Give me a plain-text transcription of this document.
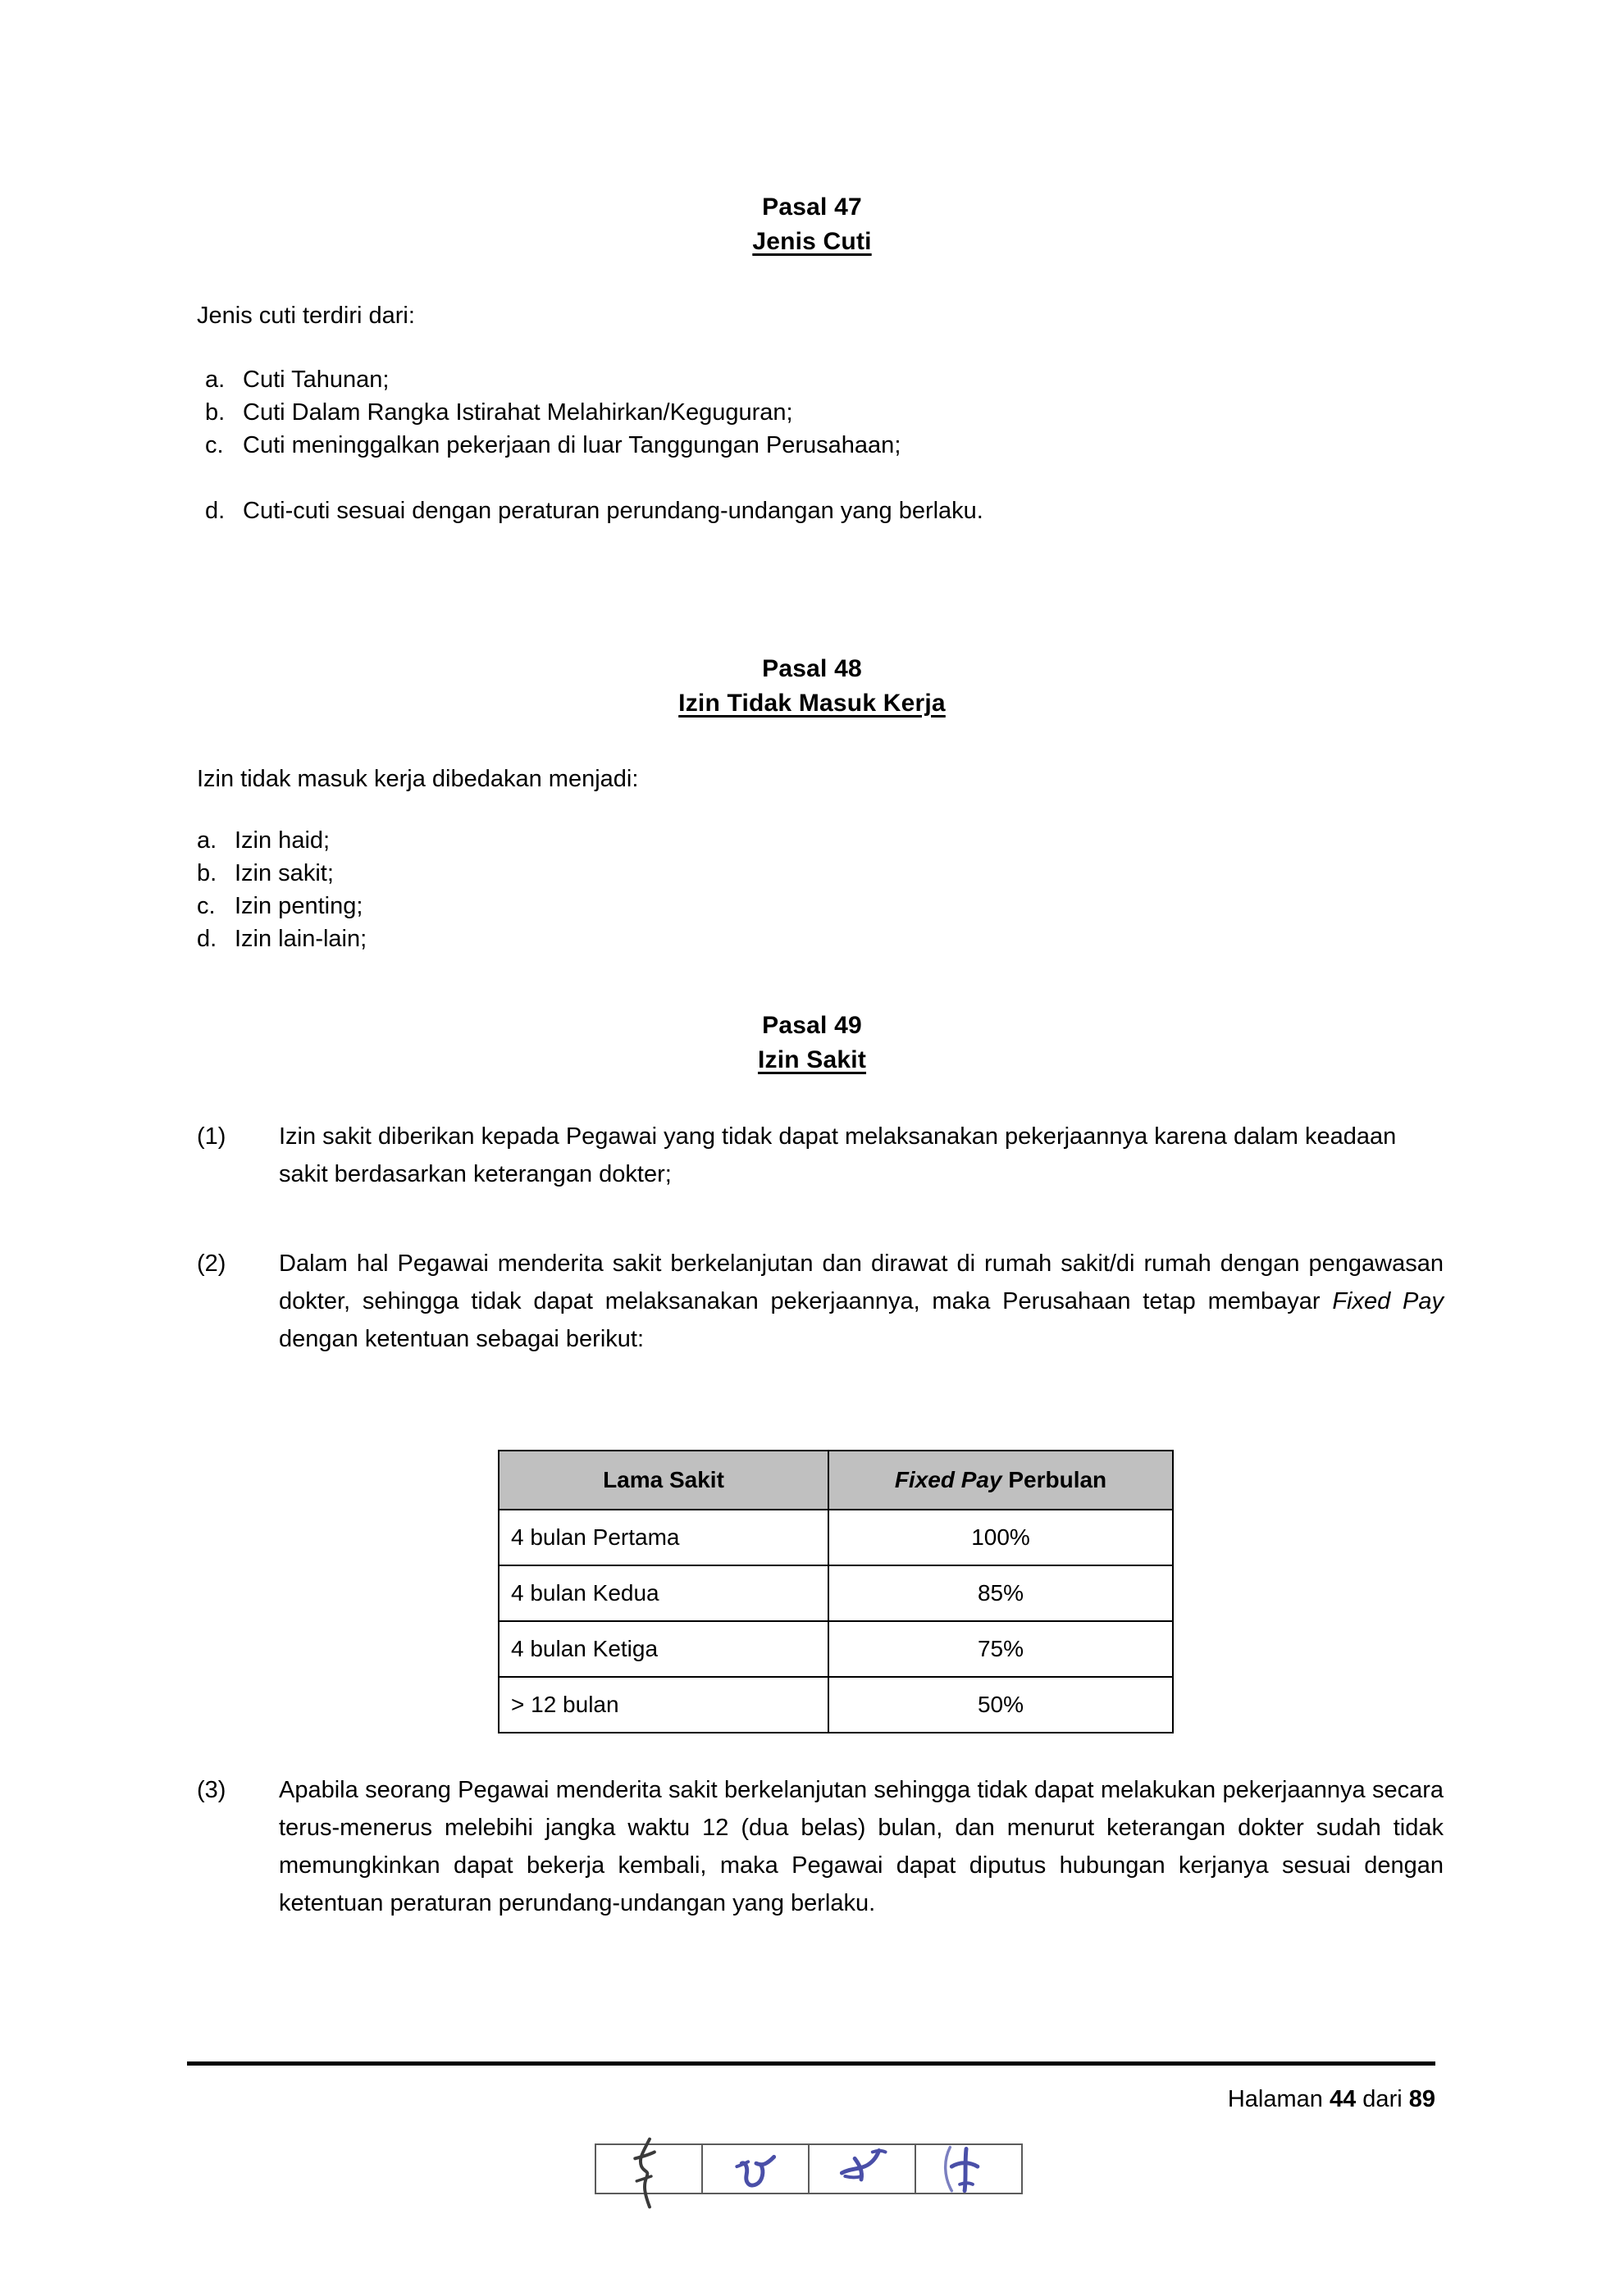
Pasal 47
Jenis Cuti
Jenis cuti terdiri dari:
a. Cuti Tahunan;
b. Cuti Dalam Rangka Istirahat Melahirkan/Keguguran;
c. Cuti meninggalkan pekerjaan di luar Tanggungan Perusahaan;
d. Cuti-cuti sesuai dengan peraturan perundang-undangan yang berlaku.
Pasal 48
Izin Tidak Masuk Kerja
Izin tidak masuk kerja dibedakan menjadi:
a. Izin haid;
b. Izin sakit;
c. Izin penting;
d. Izin lain-lain;
Pasal 49
Izin Sakit
(1)	Izin sakit diberikan kepada Pegawai yang tidak dapat melaksanakan pekerjaannya karena dalam keadaan sakit berdasarkan keterangan dokter;
(2)	Dalam hal Pegawai menderita sakit berkelanjutan dan dirawat di rumah sakit/di rumah dengan pengawasan dokter, sehingga tidak dapat melaksanakan pekerjaannya, maka Perusahaan tetap membayar Fixed Pay dengan ketentuan sebagai berikut:
Lama Sakit	Fixed Pay Perbulan
4 bulan Pertama	100%
4 bulan Kedua	85%
4 bulan Ketiga	75%
> 12 bulan	50%
(3)	Apabila seorang Pegawai menderita sakit berkelanjutan sehingga tidak dapat melakukan pekerjaannya secara terus-menerus melebihi jangka waktu 12 (dua belas) bulan, dan menurut keterangan dokter sudah tidak memungkinkan dapat bekerja kembali, maka Pegawai dapat diputus hubungan kerjanya sesuai dengan ketentuan peraturan perundang-undangan yang berlaku.
Halaman 44 dari 89
